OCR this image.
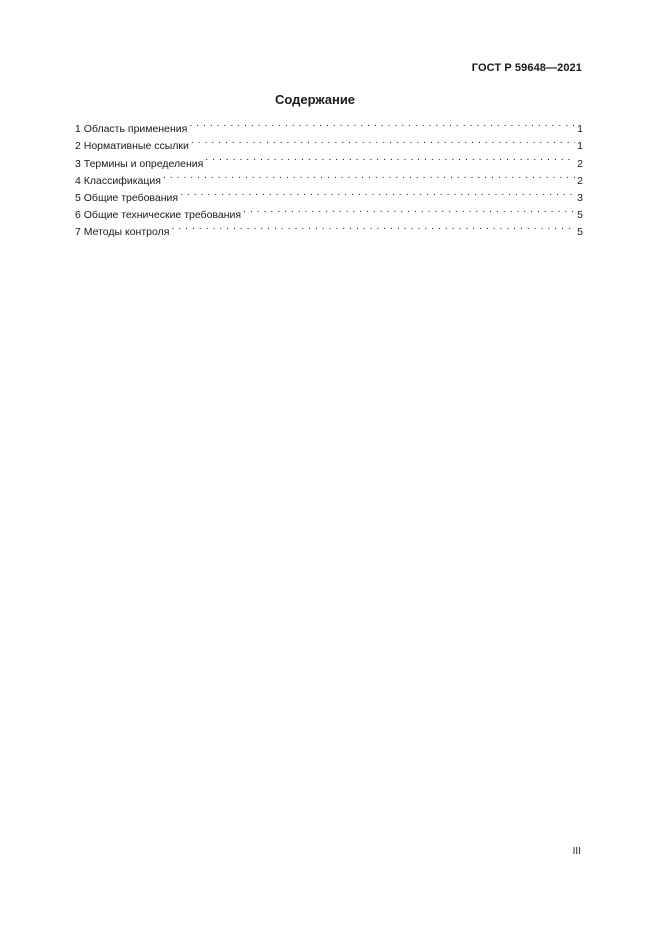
ГОСТ Р 59648—2021
Содержание
1 Область применения . . .	1
2 Нормативные ссылки . . .	1
3 Термины и определения . . .	2
4 Классификация . . .	2
5 Общие требования . . .	3
6 Общие технические требования . . .	5
7 Методы контроля . . .	5
III
